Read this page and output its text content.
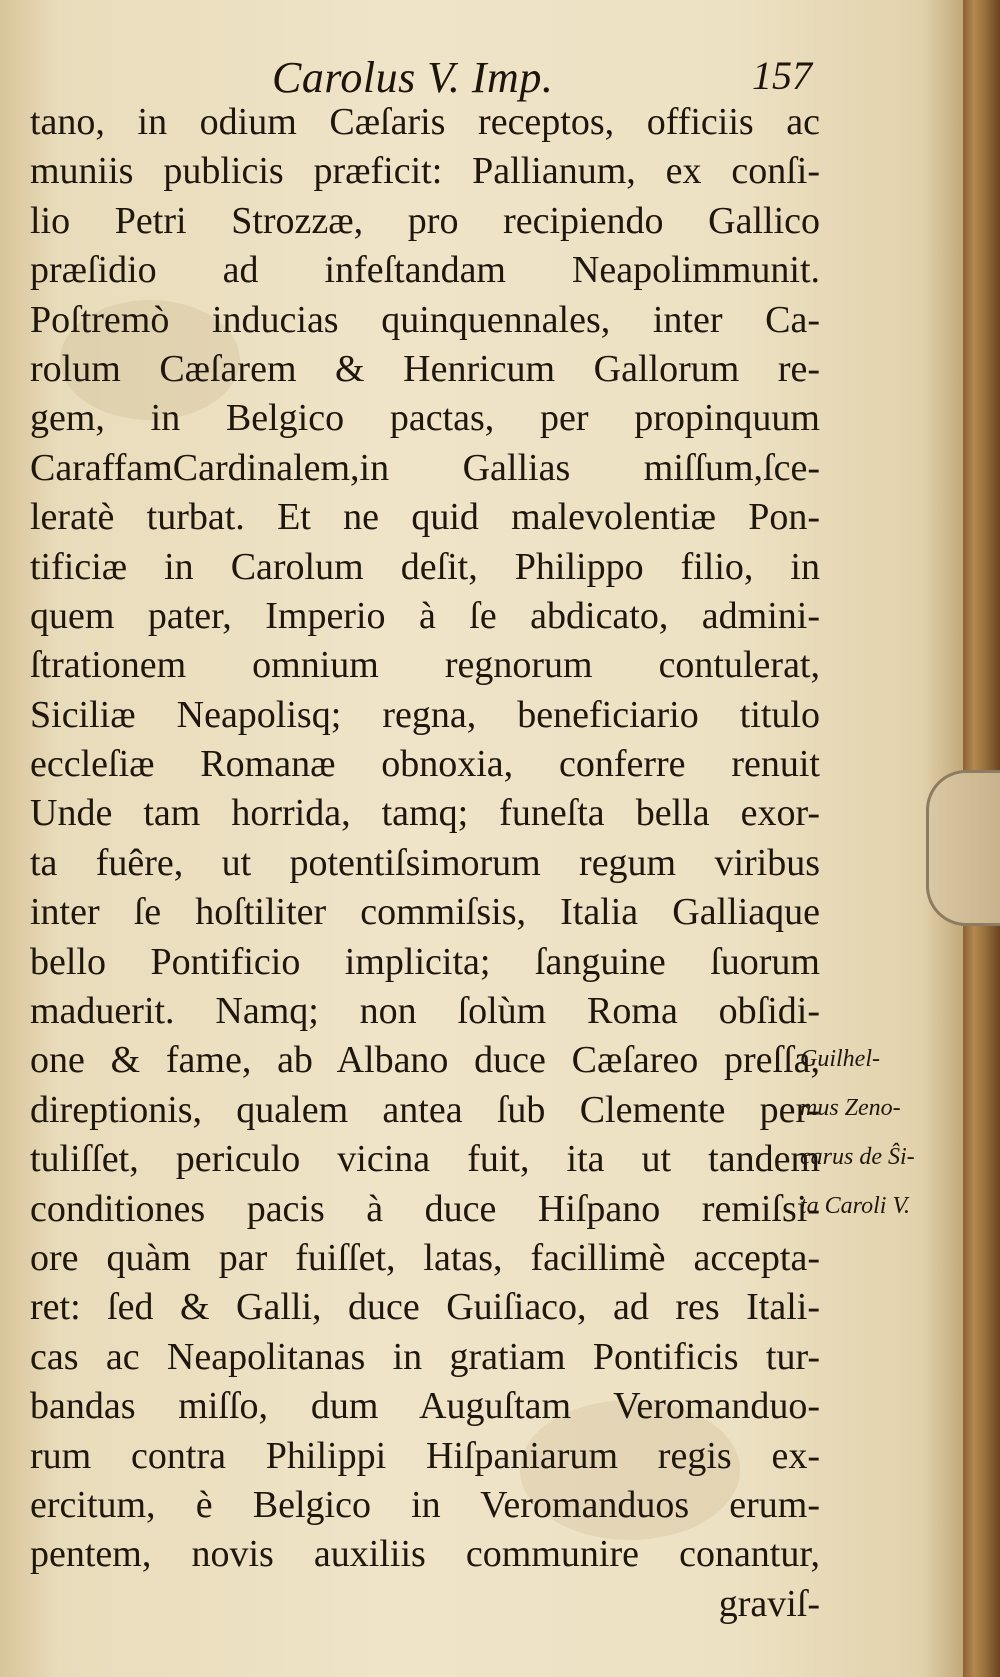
Carolus V. Imp.	157
tano, in odium Cæſaris receptos, officiis ac
muniis publicis præficit: Pallianum, ex conſi-
lio Petri Strozzæ, pro recipiendo Gallico
præſidio ad infeſtandam Neapolimmunit.
Poſtremò inducias quinquennales, inter Ca-
rolum Cæſarem & Henricum Gallorum re-
gem, in Belgico pactas, per propinquum
CaraffamCardinalem,in Gallias miſſum,ſce-
leratè turbat. Et ne quid malevolentiæ Pon-
tificiæ in Carolum deſit, Philippo filio, in
quem pater, Imperio à ſe abdicato, admini-
ſtrationem omnium regnorum contulerat,
Siciliæ Neapolisq; regna, beneficiario titulo
eccleſiæ Romanæ obnoxia, conferre renuit
Unde tam horrida, tamq; funeſta bella exor-
ta fuêre, ut potentiſsimorum regum viribus
inter ſe hoſtiliter commiſsis, Italia Galliaque
bello Pontificio implicita; ſanguine ſuorum
maduerit. Namq; non ſolùm Roma obſidi-
one & fame, ab Albano duce Cæſareo preſſa,
direptionis, qualem antea ſub Clemente per-
tuliſſet, periculo vicina fuit, ita ut tandem
conditiones pacis à duce Hiſpano remiſsi-
ore quàm par fuiſſet, latas, facillimè accepta-
ret: ſed & Galli, duce Guiſiaco, ad res Itali-
cas ac Neapolitanas in gratiam Pontificis tur-
bandas miſſo, dum Auguſtam Veromanduo-
rum contra Philippi Hiſpaniarum regis ex-
ercitum, è Belgico in Veromanduos erum-
pentem, novis auxiliis communire conantur,
graviſ-
Guilhel-
mus Zeno-
carus de Ŝi-
ta Caroli V.
